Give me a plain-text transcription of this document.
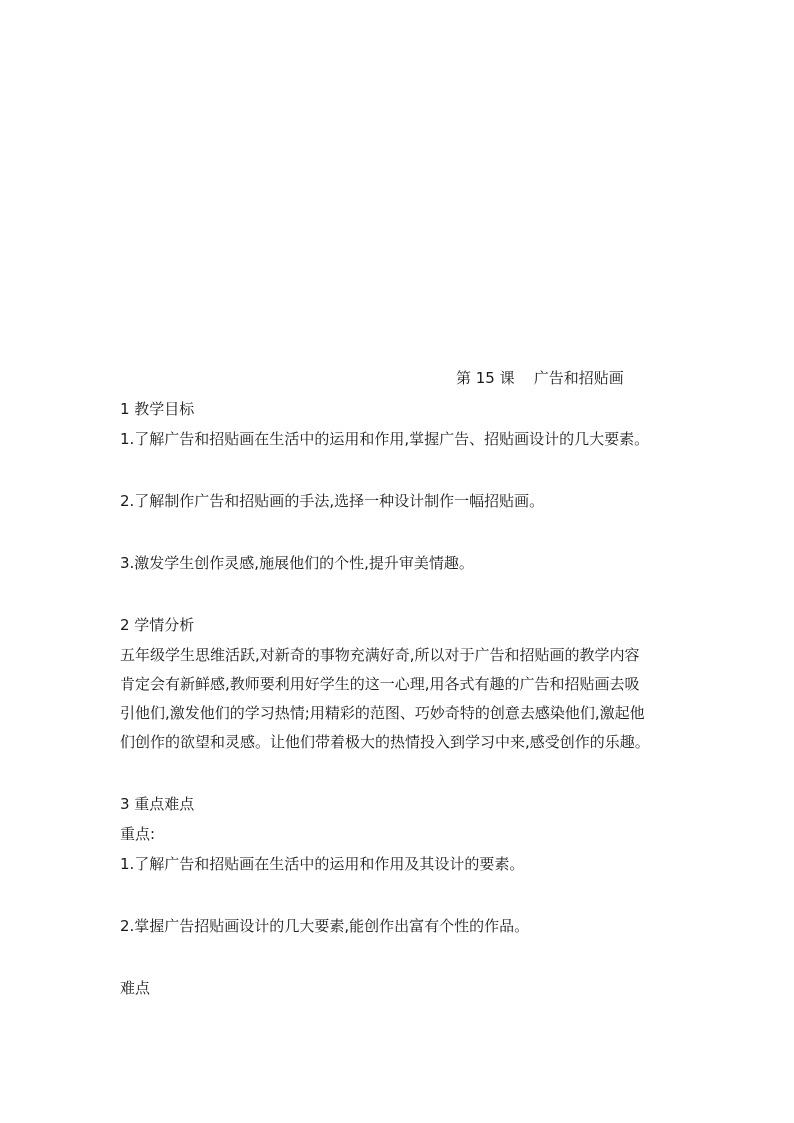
第 15 课    广告和招贴画
1 教学目标
1.了解广告和招贴画在生活中的运用和作用,掌握广告、招贴画设计的几大要素。
2.了解制作广告和招贴画的手法,选择一种设计制作一幅招贴画。
3.激发学生创作灵感,施展他们的个性,提升审美情趣。
2 学情分析
五年级学生思维活跃,对新奇的事物充满好奇,所以对于广告和招贴画的教学内容
肯定会有新鲜感,教师要利用好学生的这一心理,用各式有趣的广告和招贴画去吸
引他们,激发他们的学习热情;用精彩的范图、巧妙奇特的创意去感染他们,激起他
们创作的欲望和灵感。让他们带着极大的热情投入到学习中来,感受创作的乐趣。
3 重点难点
重点:
1.了解广告和招贴画在生活中的运用和作用及其设计的要素。
2.掌握广告招贴画设计的几大要素,能创作出富有个性的作品。
难点
